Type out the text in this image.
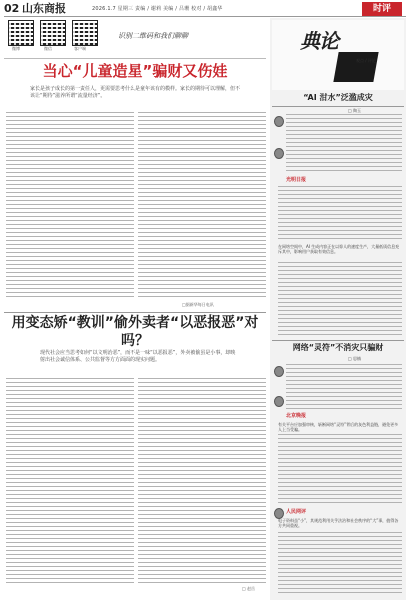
02 山东商报	2026.1.7 星期三 责编 / 谢莉 美编 / 吕珊 校对 / 胡鑫华	时评
微博	微信	客户端
识别二维码和我们聊聊
当心“儿童造星”骗财又伤娃
家长是孩子成长的第一责任人，更需要思考什么是童年该有的模样。家长的期待可以理解，但不该让“期待”滋养所谓“流量经济”。
□据新华每日电讯
用变态矫“教训”偷外卖者“以恶报恶”对吗？
现代社会应当思考如何“以文明治恶”，而不是一味“以恶报恶”，外卖被偷虽是小事，却映射出社会诚信体系、公共监督等方方面面的现实问题。
□ 赵岳
典论
观点 / 评论
“AI 泔水”泛滥成灾
□ 陶玉
光明日报
在网络空间中，AI 生成内容正在以惊人的速度生产，大量低质信息充斥其中，影响用户获取有效信息。
网络“灵符”不消灾只骗财
□ 思楠
北京晚报
有关平台应加强审核，斩断网络“灵符”背后的灰色利益链，避免更多人上当受骗。
人民网评
电子资料虽“小”，其规范利用关乎法治和社会秩序的“大”事，值得各方共同重视。
